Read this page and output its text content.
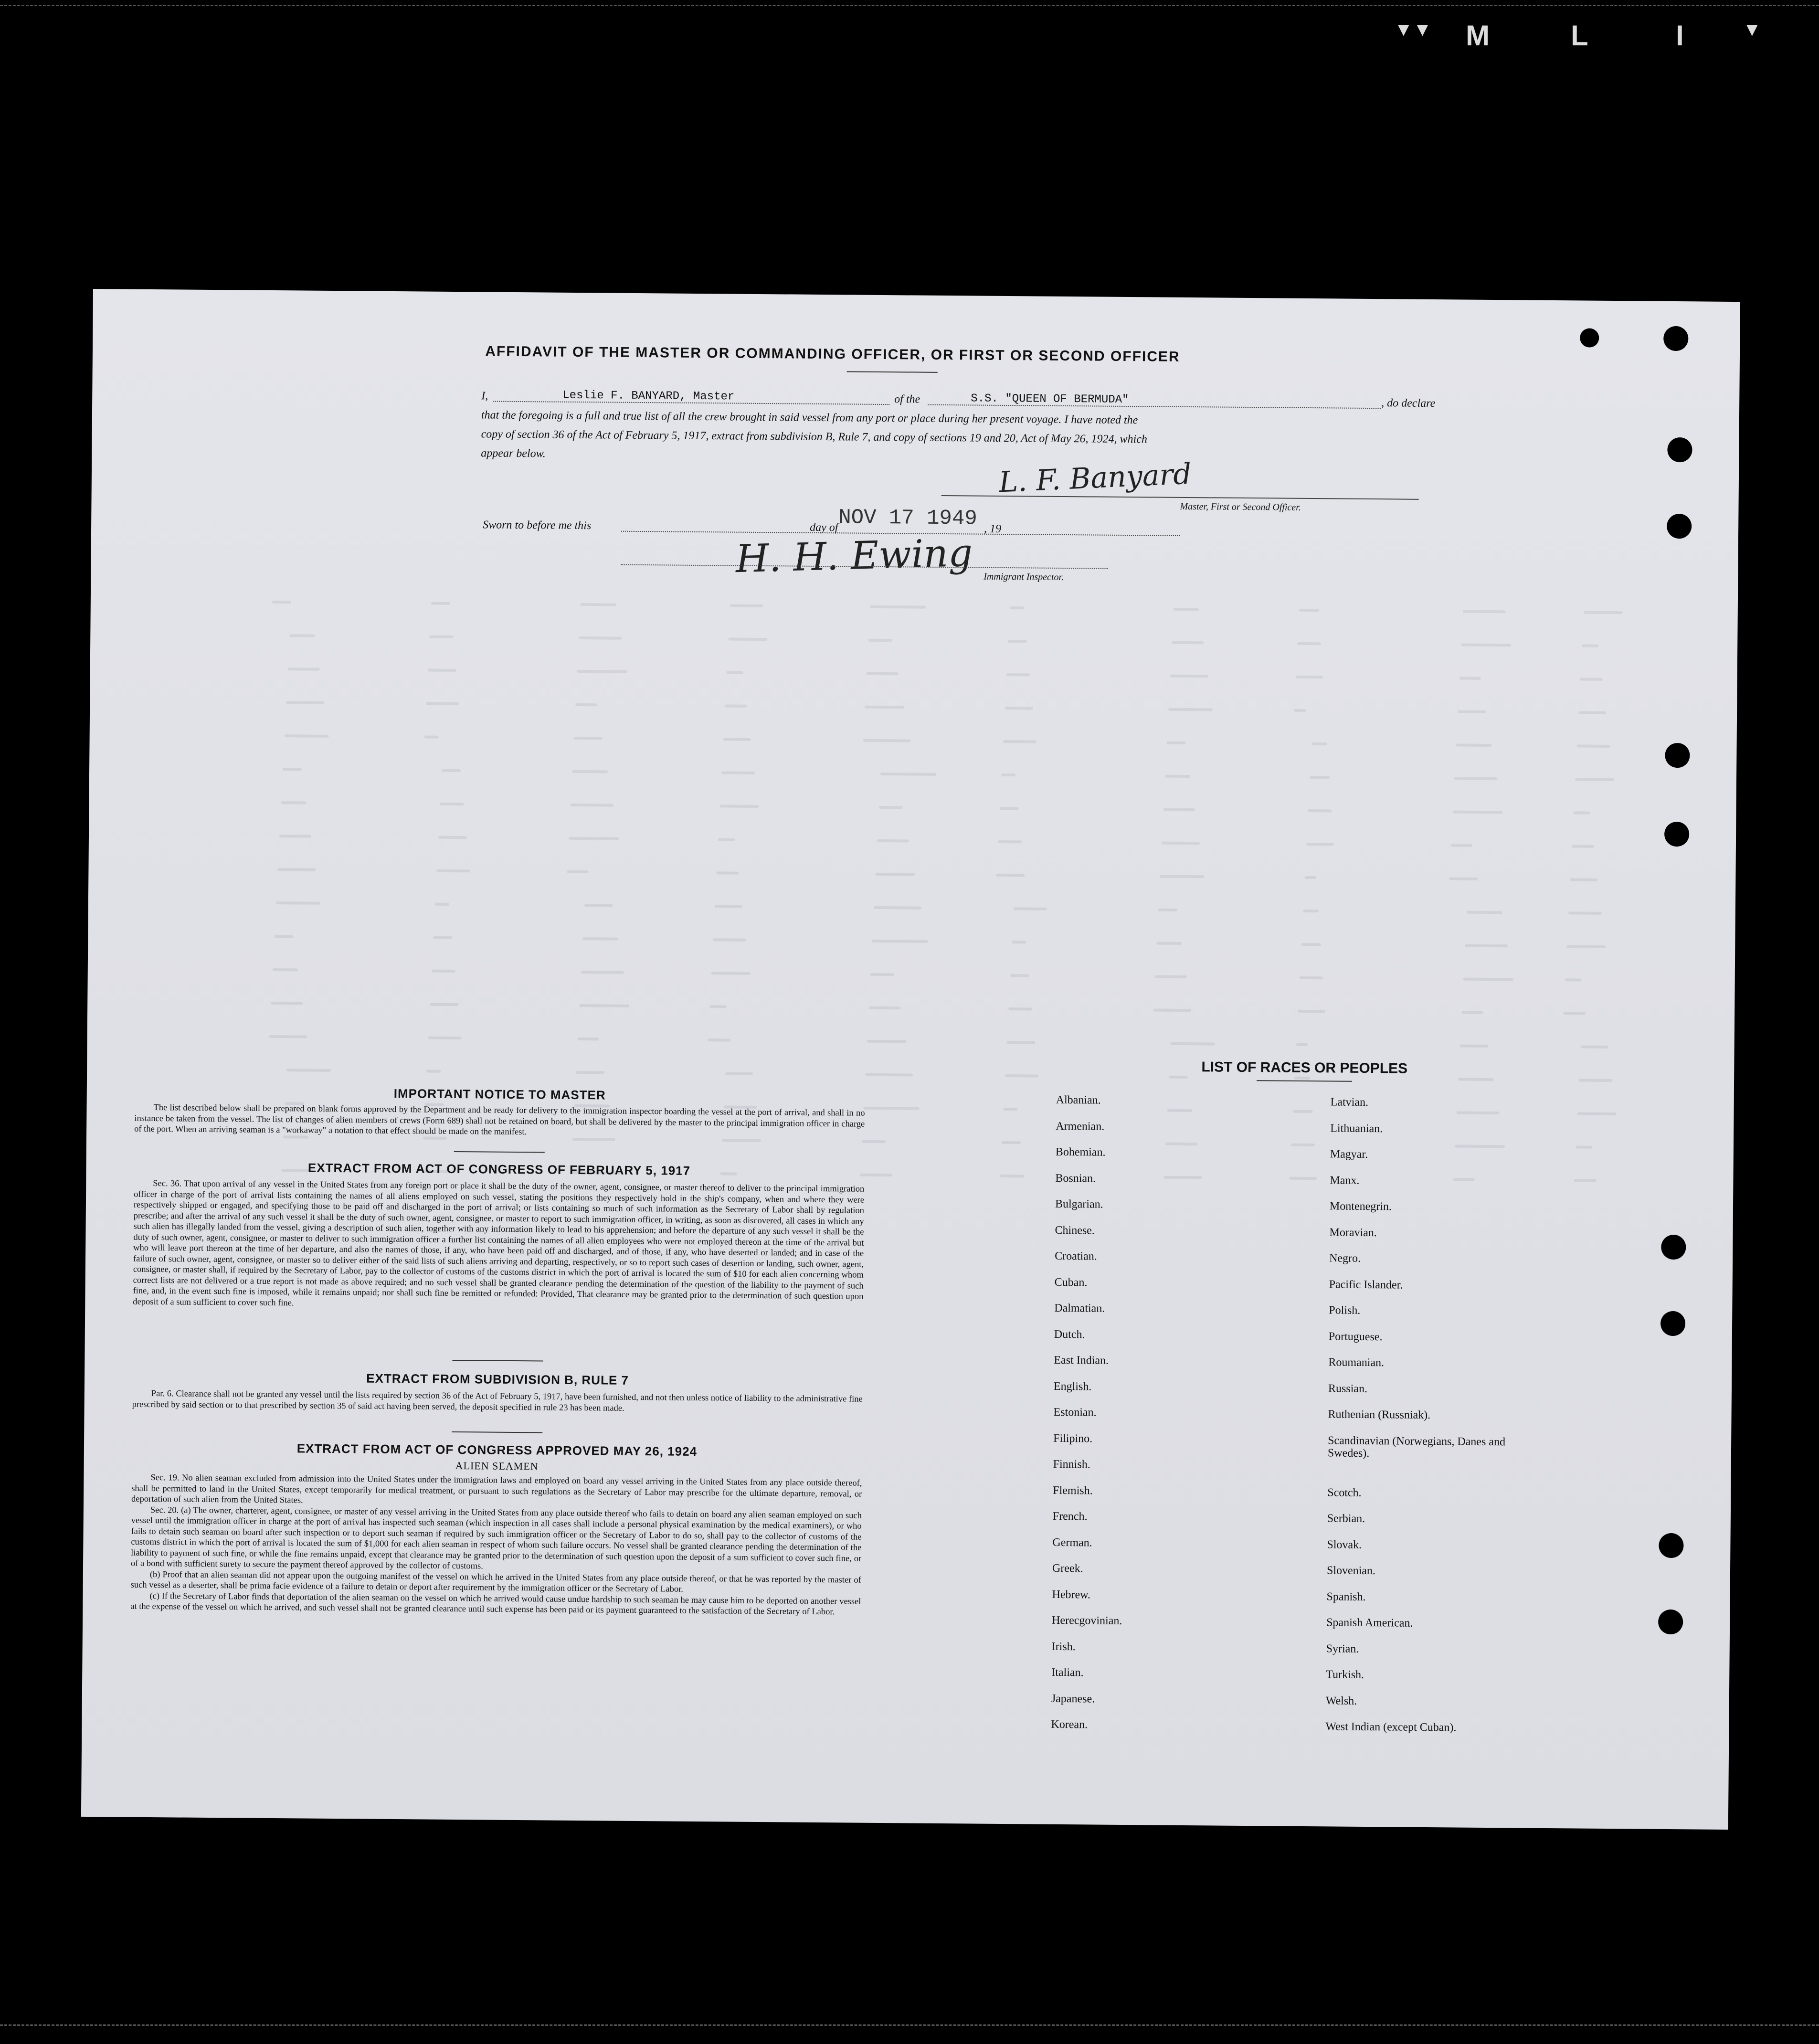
▼▼ M	L	I	▼
AFFIDAVIT OF THE MASTER OR COMMANDING OFFICER, OR FIRST OR SECOND OFFICER
I,	Leslie F. BANYARD, Master	of the	S.S. "QUEEN OF BERMUDA"	, do declare
that the foregoing is a full and true list of all the crew brought in said vessel from any port or place during her present voyage. I have noted the
copy of section 36 of the Act of February 5, 1917, extract from subdivision B, Rule 7, and copy of sections 19 and 20, Act of May 26, 1924, which
appear below.
L. F. Banyard
Master, First or Second Officer.
Sworn to before me this	day of NOV 17 1949 , 19
H. H. Ewing Immigrant Inspector.
IMPORTANT NOTICE TO MASTER
The list described below shall be prepared on blank forms approved by the Department and be ready for delivery to the immigration inspector boarding the vessel at the port of arrival, and shall in no instance be taken from the vessel. The list of changes of alien members of crews (Form 689) shall not be retained on board, but shall be delivered by the master to the principal immigration officer in charge of the port. When an arriving seaman is a "workaway" a notation to that effect should be made on the manifest.
EXTRACT FROM ACT OF CONGRESS OF FEBRUARY 5, 1917
Sec. 36. That upon arrival of any vessel in the United States from any foreign port or place it shall be the duty of the owner, agent, consignee, or master thereof to deliver to the principal immigration officer in charge of the port of arrival lists containing the names of all aliens employed on such vessel, stating the positions they respectively hold in the ship's company, when and where they were respectively shipped or engaged, and specifying those to be paid off and discharged in the port of arrival; or lists containing so much of such information as the Secretary of Labor shall by regulation prescribe; and after the arrival of any such vessel it shall be the duty of such owner, agent, consignee, or master to report to such immigration officer, in writing, as soon as discovered, all cases in which any such alien has illegally landed from the vessel, giving a description of such alien, together with any information likely to lead to his apprehension; and before the departure of any such vessel it shall be the duty of such owner, agent, consignee, or master to deliver to such immigration officer a further list containing the names of all alien employees who were not employed thereon at the time of the arrival but who will leave port thereon at the time of her departure, and also the names of those, if any, who have been paid off and discharged, and of those, if any, who have deserted or landed; and in case of the failure of such owner, agent, consignee, or master so to deliver either of the said lists of such aliens arriving and departing, respectively, or so to report such cases of desertion or landing, such owner, agent, consignee, or master shall, if required by the Secretary of Labor, pay to the collector of customs of the customs district in which the port of arrival is located the sum of $10 for each alien concerning whom correct lists are not delivered or a true report is not made as above required; and no such vessel shall be granted clearance pending the determination of the question of the liability to the payment of such fine, and, in the event such fine is imposed, while it remains unpaid; nor shall such fine be remitted or refunded: Provided, That clearance may be granted prior to the determination of such question upon deposit of a sum sufficient to cover such fine.
EXTRACT FROM SUBDIVISION B, RULE 7
Par. 6. Clearance shall not be granted any vessel until the lists required by section 36 of the Act of February 5, 1917, have been furnished, and not then unless notice of liability to the administrative fine prescribed by said section or to that prescribed by section 35 of said act having been served, the deposit specified in rule 23 has been made.
EXTRACT FROM ACT OF CONGRESS APPROVED MAY 26, 1924
ALIEN SEAMEN

Sec. 19. No alien seaman excluded from admission into the United States under the immigration laws and employed on board any vessel arriving in the United States from any place outside thereof, shall be permitted to land in the United States, except temporarily for medical treatment, or pursuant to such regulations as the Secretary of Labor may prescribe for the ultimate departure, removal, or deportation of such alien from the United States.

Sec. 20. (a) The owner, charterer, agent, consignee, or master of any vessel arriving in the United States from any place outside thereof who fails to detain on board any alien seaman employed on such vessel until the immigration officer in charge at the port of arrival has inspected such seaman (which inspection in all cases shall include a personal physical examination by the medical examiners), or who fails to detain such seaman on board after such inspection or to deport such seaman if required by such immigration officer or the Secretary of Labor to do so, shall pay to the collector of customs of the customs district in which the port of arrival is located the sum of $1,000 for each alien seaman in respect of whom such failure occurs. No vessel shall be granted clearance pending the determination of the liability to payment of such fine, or while the fine remains unpaid, except that clearance may be granted prior to the determination of such question upon the deposit of a sum sufficient to cover such fine, or of a bond with sufficient surety to secure the payment thereof approved by the collector of customs.

(b) Proof that an alien seaman did not appear upon the outgoing manifest of the vessel on which he arrived in the United States from any place outside thereof, or that he was reported by the master of such vessel as a deserter, shall be prima facie evidence of a failure to detain or deport after requirement by the immigration officer or the Secretary of Labor.

(c) If the Secretary of Labor finds that deportation of the alien seaman on the vessel on which he arrived would cause undue hardship to such seaman he may cause him to be deported on another vessel at the expense of the vessel on which he arrived, and such vessel shall not be granted clearance until such expense has been paid or its payment guaranteed to the satisfaction of the Secretary of Labor.

LIST OF RACES OR PEOPLES
Albanian.
Armenian.
Bohemian.
Bosnian.
Bulgarian.
Chinese.
Croatian.
Cuban.
Dalmatian.
Dutch.
East Indian.
English.
Estonian.
Filipino.
Finnish.
Flemish.
French.
German.
Greek.
Hebrew.
Herecgovinian.
Irish.
Italian.
Japanese.
Korean.
Latvian.
Lithuanian.
Magyar.
Manx.
Montenegrin.
Moravian.
Negro.
Pacific Islander.
Polish.
Portuguese.
Roumanian.
Russian.
Ruthenian (Russniak).
Scandinavian (Norwegians, Danes and Swedes).
Scotch.
Serbian.
Slovak.
Slovenian.
Spanish.
Spanish American.
Syrian.
Turkish.
Welsh.
West Indian (except Cuban).
